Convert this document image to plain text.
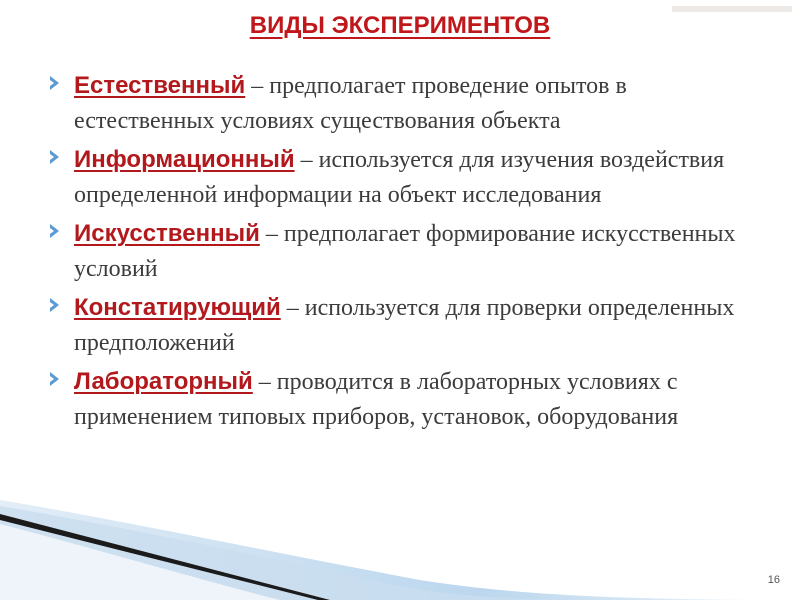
ВИДЫ ЭКСПЕРИМЕНТОВ
Естественный – предполагает проведение опытов в естественных условиях существования объекта
Информационный – используется для изучения воздействия определенной информации на объект исследования
Искусственный – предполагает формирование искусственных условий
Констатирующий – используется для проверки определенных предположений
Лабораторный – проводится в лабораторных условиях с применением типовых приборов, установок, оборудования
16
